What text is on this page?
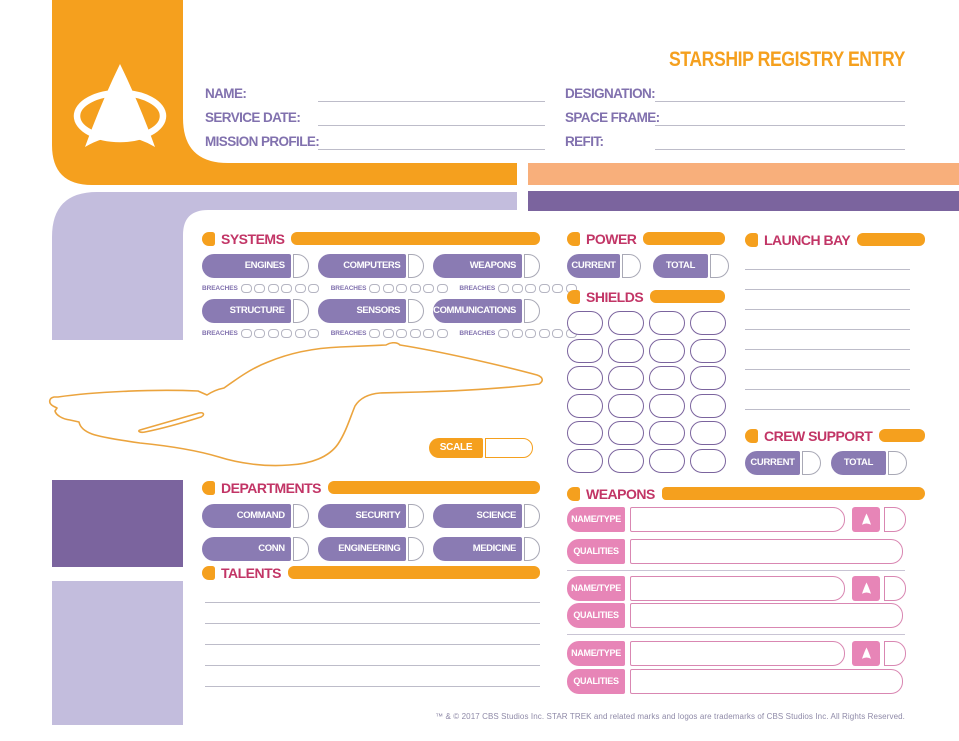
STARSHIP REGISTRY ENTRY
NAME:
SERVICE DATE:
MISSION PROFILE:
DESIGNATION:
SPACE FRAME:
REFIT:
SYSTEMS
ENGINES	COMPUTERS	WEAPONS
BREACHES	BREACHES	BREACHES
STRUCTURE	SENSORS	COMMUNICATIONS
BREACHES	BREACHES	BREACHES
POWER
CURRENT	TOTAL
SHIELDS
LAUNCH BAY
CREW SUPPORT
CURRENT	TOTAL
SCALE
DEPARTMENTS
COMMAND	SECURITY	SCIENCE
CONN	ENGINEERING	MEDICINE
TALENTS
WEAPONS
NAME/TYPE
QUALITIES
NAME/TYPE
QUALITIES
NAME/TYPE
QUALITIES
™ & © 2017 CBS Studios Inc. STAR TREK and related marks and logos are trademarks of CBS Studios Inc. All Rights Reserved.
